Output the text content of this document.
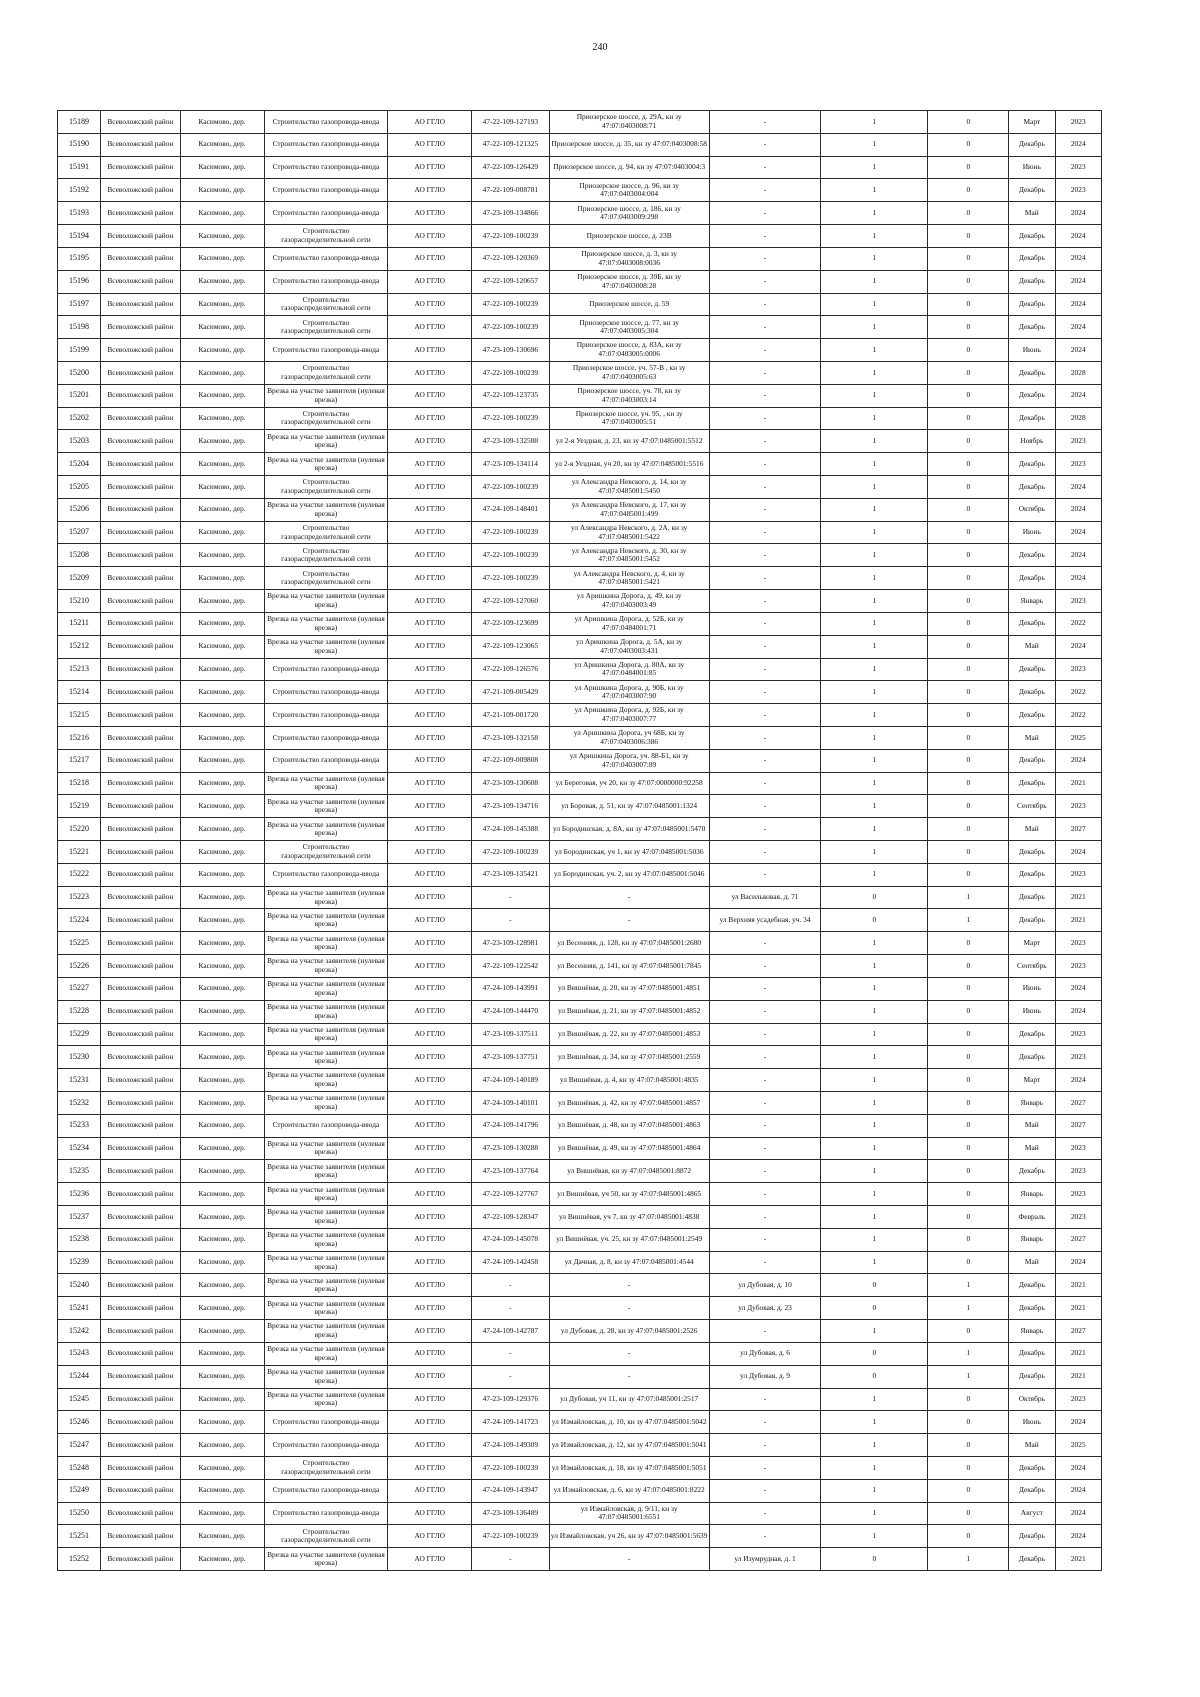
240
15189	Всеволожский район	Касимово, дер.	Строительство газопровода-ввода	АО ГГЛО	47-22-109-127193	Приозерское шоссе, д. 29А, кн зу 47:07:0403008:71	-	1	0	Март	2023
15190	Всеволожский район	Касимово, дер.	Строительство газопровода-ввода	АО ГГЛО	47-22-109-121325	Приозерское шоссе, д. 35, кн зу 47:07:0403008:58	-	1	0	Декабрь	2024
15191	Всеволожский район	Касимово, дер.	Строительство газопровода-ввода	АО ГГЛО	47-22-109-126429	Приозерское шоссе, д. 94, кн зу 47:07:0403004:3	-	1	0	Июнь	2023
15192	Всеволожский район	Касимово, дер.	Строительство газопровода-ввода	АО ГГЛО	47-22-109-008781	Приозерское шоссе, д. 96, кн зу 47:07:0403004:004	-	1	0	Декабрь	2023
15193	Всеволожский район	Касимово, дер.	Строительство газопровода-ввода	АО ГГЛО	47-23-109-134866	Приозерское шоссе, д. 186, кн зу 47:07:0403009:298	-	1	0	Май	2024
15194	Всеволожский район	Касимово, дер.	Строительство газораспределительной сети	АО ГГЛО	47-22-109-100239	Приозерское шоссе, д. 23В	-	1	0	Декабрь	2024
15195	Всеволожский район	Касимово, дер.	Строительство газопровода-ввода	АО ГГЛО	47-22-109-120369	Приозерское шоссе, д. 3, кн зу 47:07:0403008:0036	-	1	0	Декабрь	2024
15196	Всеволожский район	Касимово, дер.	Строительство газопровода-ввода	АО ГГЛО	47-22-109-120657	Приозерское шоссе, д. 39Б, кн зу 47:07:0403008:28	-	1	0	Декабрь	2024
15197	Всеволожский район	Касимово, дер.	Строительство газораспределительной сети	АО ГГЛО	47-22-109-100239	Приозерское шоссе, д. 59	-	1	0	Декабрь	2024
15198	Всеволожский район	Касимово, дер.	Строительство газораспределительной сети	АО ГГЛО	47-22-109-100239	Приозерское шоссе, д. 77, кн зу 47:07:0403005:304	-	1	0	Декабрь	2024
15199	Всеволожский район	Касимово, дер.	Строительство газопровода-ввода	АО ГГЛО	47-23-109-130696	Приозерское шоссе, д. 83А, кн зу 47:07:0403005:0006	-	1	0	Июнь	2024
15200	Всеволожский район	Касимово, дер.	Строительство газораспределительной сети	АО ГГЛО	47-22-109-100239	Приозерское шоссе, уч. 57-В , кн зу 47:07:0403005:63	-	1	0	Декабрь	2028
15201	Всеволожский район	Касимово, дер.	Врезка на участке заявителя (нулевая врезка)	АО ГГЛО	47-22-109-123735	Приозерское шоссе, уч. 78, кн зу 47:07:0403003:14	-	1	0	Декабрь	2024
15202	Всеволожский район	Касимово, дер.	Строительство газораспределительной сети	АО ГГЛО	47-22-109-100239	Приозерское шоссе, уч. 95, , кн зу 47:07:0403005:51	-	1	0	Декабрь	2028
15203	Всеволожский район	Касимово, дер.	Врезка на участке заявителя (нулевая врезка)	АО ГГЛО	47-23-109-132588	ул 2-я Уездная, д. 23, кн зу 47:07:0485001:5512	-	1	0	Ноябрь	2023
15204	Всеволожский район	Касимово, дер.	Врезка на участке заявителя (нулевая врезка)	АО ГГЛО	47-23-109-134114	ул 2-я Уездная, уч 20, кн зу 47:07:0485001:5516	-	1	0	Декабрь	2023
15205	Всеволожский район	Касимово, дер.	Строительство газораспределительной сети	АО ГГЛО	47-22-109-100239	ул Александра Невского, д. 14, кн зу 47:07:0485001:5450	-	1	0	Декабрь	2024
15206	Всеволожский район	Касимово, дер.	Врезка на участке заявителя (нулевая врезка)	АО ГГЛО	47-24-109-148401	ул Александра Невского, д. 17, кн зу 47:07:0485001:499	-	1	0	Октябрь	2024
15207	Всеволожский район	Касимово, дер.	Строительство газораспределительной сети	АО ГГЛО	47-22-109-100239	ул Александра Невского, д. 2А, кн зу 47:07:0485001:5422	-	1	0	Июнь	2024
15208	Всеволожский район	Касимово, дер.	Строительство газораспределительной сети	АО ГГЛО	47-22-109-100239	ул Александра Невского, д. 30, кн зу 47:07:0485001:5452	-	1	0	Декабрь	2024
15209	Всеволожский район	Касимово, дер.	Строительство газораспределительной сети	АО ГГЛО	47-22-109-100239	ул Александра Невского, д. 4, кн зу 47:07:0485001:5421	-	1	0	Декабрь	2024
15210	Всеволожский район	Касимово, дер.	Врезка на участке заявителя (нулевая врезка)	АО ГГЛО	47-22-109-127060	ул Аришкина Дорога, д. 49, кн зу 47:07:0403003:49	-	1	0	Январь	2023
15211	Всеволожский район	Касимово, дер.	Врезка на участке заявителя (нулевая врезка)	АО ГГЛО	47-22-109-123699	ул Аришкина Дорога, д. 52Б, кн зу 47:07:0484001:71	-	1	0	Декабрь	2022
15212	Всеволожский район	Касимово, дер.	Врезка на участке заявителя (нулевая врезка)	АО ГГЛО	47-22-109-123065	ул Аришкина Дорога, д. 5А, кн зу 47:07:0403003:431	-	1	0	Май	2024
15213	Всеволожский район	Касимово, дер.	Строительство газопровода-ввода	АО ГГЛО	47-22-109-126576	ул Аришкина Дорога, д. 80А, кн зу 47:07:0484001:85	-	1	0	Декабрь	2023
15214	Всеволожский район	Касимово, дер.	Строительство газопровода-ввода	АО ГГЛО	47-21-109-005429	ул Аришкина Дорога, д. 90Б, кн зу 47:07:0403007:90	-	1	0	Декабрь	2022
15215	Всеволожский район	Касимово, дер.	Строительство газопровода-ввода	АО ГГЛО	47-21-109-001720	ул Аришкина Дорога, д. 92Б, кн зу 47:07:0403007:77	-	1	0	Декабрь	2022
15216	Всеволожский район	Касимово, дер.	Строительство газопровода-ввода	АО ГГЛО	47-23-109-132158	ул Аришкина Дорога, уч 68Б, кн зу 47:07:0403006:386	-	1	0	Май	2025
15217	Всеволожский район	Касимово, дер.	Строительство газопровода-ввода	АО ГГЛО	47-22-109-009808	ул Аришкина Дорога, уч. 88-Б1, кн зу 47:07:0403007:89	-	1	0	Декабрь	2024
15218	Всеволожский район	Касимово, дер.	Врезка на участке заявителя (нулевая врезка)	АО ГГЛО	47-23-109-130608	ул Береговая, уч 20, кн зу 47:07:0000000:92258	-	1	0	Декабрь	2021
15219	Всеволожский район	Касимово, дер.	Врезка на участке заявителя (нулевая врезка)	АО ГГЛО	47-23-109-134716	ул Боровая, д. 51, кн зу 47:07:0485001:1324	-	1	0	Сентябрь	2023
15220	Всеволожский район	Касимово, дер.	Врезка на участке заявителя (нулевая врезка)	АО ГГЛО	47-24-109-145388	ул Бородинская, д. 8А, кн зу 47:07:0485001:5470	-	1	0	Май	2027
15221	Всеволожский район	Касимово, дер.	Строительство газораспределительной сети	АО ГГЛО	47-22-109-100239	ул Бородинская, уч 1, кн зу 47:07:0485001:5036	-	1	0	Декабрь	2024
15222	Всеволожский район	Касимово, дер.	Строительство газопровода-ввода	АО ГГЛО	47-23-109-135421	ул Бородинская, уч. 2, кн зу 47:07:0485001:5046	-	1	0	Декабрь	2023
15223	Всеволожский район	Касимово, дер.	Врезка на участке заявителя (нулевая врезка)	АО ГГЛО	-	-	ул Васильковая, д. 71	0	1	Декабрь	2021
15224	Всеволожский район	Касимово, дер.	Врезка на участке заявителя (нулевая врезка)	АО ГГЛО	-	-	ул Верхняя усадебная, уч. 34	0	1	Декабрь	2021
15225	Всеволожский район	Касимово, дер.	Врезка на участке заявителя (нулевая врезка)	АО ГГЛО	47-23-109-128981	ул Весенняя, д. 128, кн зу 47:07:0485001:2680	-	1	0	Март	2023
15226	Всеволожский район	Касимово, дер.	Врезка на участке заявителя (нулевая врезка)	АО ГГЛО	47-22-109-122542	ул Весенняя, д. 141, кн зу 47:07:0485001:7845	-	1	0	Сентябрь	2023
15227	Всеволожский район	Касимово, дер.	Врезка на участке заявителя (нулевая врезка)	АО ГГЛО	47-24-109-143991	ул Вишнёвая, д. 20, кн зу 47:07:0485001:4851	-	1	0	Июнь	2024
15228	Всеволожский район	Касимово, дер.	Врезка на участке заявителя (нулевая врезка)	АО ГГЛО	47-24-109-144470	ул Вишнёвая, д. 21, кн зу 47:07:0485001:4852	-	1	0	Июнь	2024
15229	Всеволожский район	Касимово, дер.	Врезка на участке заявителя (нулевая врезка)	АО ГГЛО	47-23-109-137511	ул Вишнёвая, д. 22, кн зу 47:07:0485001:4853	-	1	0	Декабрь	2023
15230	Всеволожский район	Касимово, дер.	Врезка на участке заявителя (нулевая врезка)	АО ГГЛО	47-23-109-137751	ул Вишнёвая, д. 34, кн зу 47:07:0485001:2559	-	1	0	Декабрь	2023
15231	Всеволожский район	Касимово, дер.	Врезка на участке заявителя (нулевая врезка)	АО ГГЛО	47-24-109-140189	ул Вишнёвая, д. 4, кн зу 47:07:0485001:4835	-	1	0	Март	2024
15232	Всеволожский район	Касимово, дер.	Врезка на участке заявителя (нулевая врезка)	АО ГГЛО	47-24-109-140101	ул Вишнёвая, д. 42, кн зу 47:07:0485001:4857	-	1	0	Январь	2027
15233	Всеволожский район	Касимово, дер.	Строительство газопровода-ввода	АО ГГЛО	47-24-109-141796	ул Вишнёвая, д. 48, кн зу 47:07:0485001:4863	-	1	0	Май	2027
15234	Всеволожский район	Касимово, дер.	Врезка на участке заявителя (нулевая врезка)	АО ГГЛО	47-23-109-130288	ул Вишнёвая, д. 49, кн зу 47:07:0485001:4864	-	1	0	Май	2023
15235	Всеволожский район	Касимово, дер.	Врезка на участке заявителя (нулевая врезка)	АО ГГЛО	47-23-109-137764	ул Вишнёвая, кн зу 47:07:0485001:8872	-	1	0	Декабрь	2023
15236	Всеволожский район	Касимово, дер.	Врезка на участке заявителя (нулевая врезка)	АО ГГЛО	47-22-109-127767	ул Вишнёвая, уч 50, кн зу 47:07:0485001:4865	-	1	0	Январь	2023
15237	Всеволожский район	Касимово, дер.	Врезка на участке заявителя (нулевая врезка)	АО ГГЛО	47-22-109-128347	ул Вишнёвая, уч 7, кн зу 47:07:0485001:4838	-	1	0	Февраль	2023
15238	Всеволожский район	Касимово, дер.	Врезка на участке заявителя (нулевая врезка)	АО ГГЛО	47-24-109-145078	ул Вишнёвая, уч. 25, кн зу 47:07:0485001:2549	-	1	0	Январь	2027
15239	Всеволожский район	Касимово, дер.	Врезка на участке заявителя (нулевая врезка)	АО ГГЛО	47-24-109-142458	ул Дачная, д. 8, кн зу 47:07:0485001:4544	-	1	0	Май	2024
15240	Всеволожский район	Касимово, дер.	Врезка на участке заявителя (нулевая врезка)	АО ГГЛО	-	-	ул Дубовая, д. 10	0	1	Декабрь	2021
15241	Всеволожский район	Касимово, дер.	Врезка на участке заявителя (нулевая врезка)	АО ГГЛО	-	-	ул Дубовая, д. 23	0	1	Декабрь	2021
15242	Всеволожский район	Касимово, дер.	Врезка на участке заявителя (нулевая врезка)	АО ГГЛО	47-24-109-142787	ул Дубовая, д. 28, кн зу 47:07:0485001:2526	-	1	0	Январь	2027
15243	Всеволожский район	Касимово, дер.	Врезка на участке заявителя (нулевая врезка)	АО ГГЛО	-	-	ул Дубовая, д. 6	0	1	Декабрь	2021
15244	Всеволожский район	Касимово, дер.	Врезка на участке заявителя (нулевая врезка)	АО ГГЛО	-	-	ул Дубовая, д. 9	0	1	Декабрь	2021
15245	Всеволожский район	Касимово, дер.	Врезка на участке заявителя (нулевая врезка)	АО ГГЛО	47-23-109-129376	ул Дубовая, уч 11, кн зу 47:07:0485001:2517	-	1	0	Октябрь	2023
15246	Всеволожский район	Касимово, дер.	Строительство газопровода-ввода	АО ГГЛО	47-24-109-141723	ул Измайловская, д. 10, кн зу 47:07:0485001:5042	-	1	0	Июнь	2024
15247	Всеволожский район	Касимово, дер.	Строительство газопровода-ввода	АО ГГЛО	47-24-109-149309	ул Измайловская, д. 12, кн зу 47:07:0485001:5041	-	1	0	Май	2025
15248	Всеволожский район	Касимово, дер.	Строительство газораспределительной сети	АО ГГЛО	47-22-109-100239	ул Измайловская, д. 18, кн зу 47:07:0485001:5051	-	1	0	Декабрь	2024
15249	Всеволожский район	Касимово, дер.	Строительство газопровода-ввода	АО ГГЛО	47-24-109-143947	ул Измайловская, д. 6, кн зу 47:07:0485001:8222	-	1	0	Декабрь	2024
15250	Всеволожский район	Касимово, дер.	Строительство газопровода-ввода	АО ГГЛО	47-23-109-136489	ул Измайловская, д. 9/11, кн зу 47:07:0485001:6551	-	1	0	Август	2024
15251	Всеволожский район	Касимово, дер.	Строительство газораспределительной сети	АО ГГЛО	47-22-109-100239	ул Измайловская, уч 26, кн зу 47:07:0485001:5639	-	1	0	Декабрь	2024
15252	Всеволожский район	Касимово, дер.	Врезка на участке заявителя (нулевая врезка)	АО ГГЛО	-	-	ул Изумрудная, д. 1	0	1	Декабрь	2021
